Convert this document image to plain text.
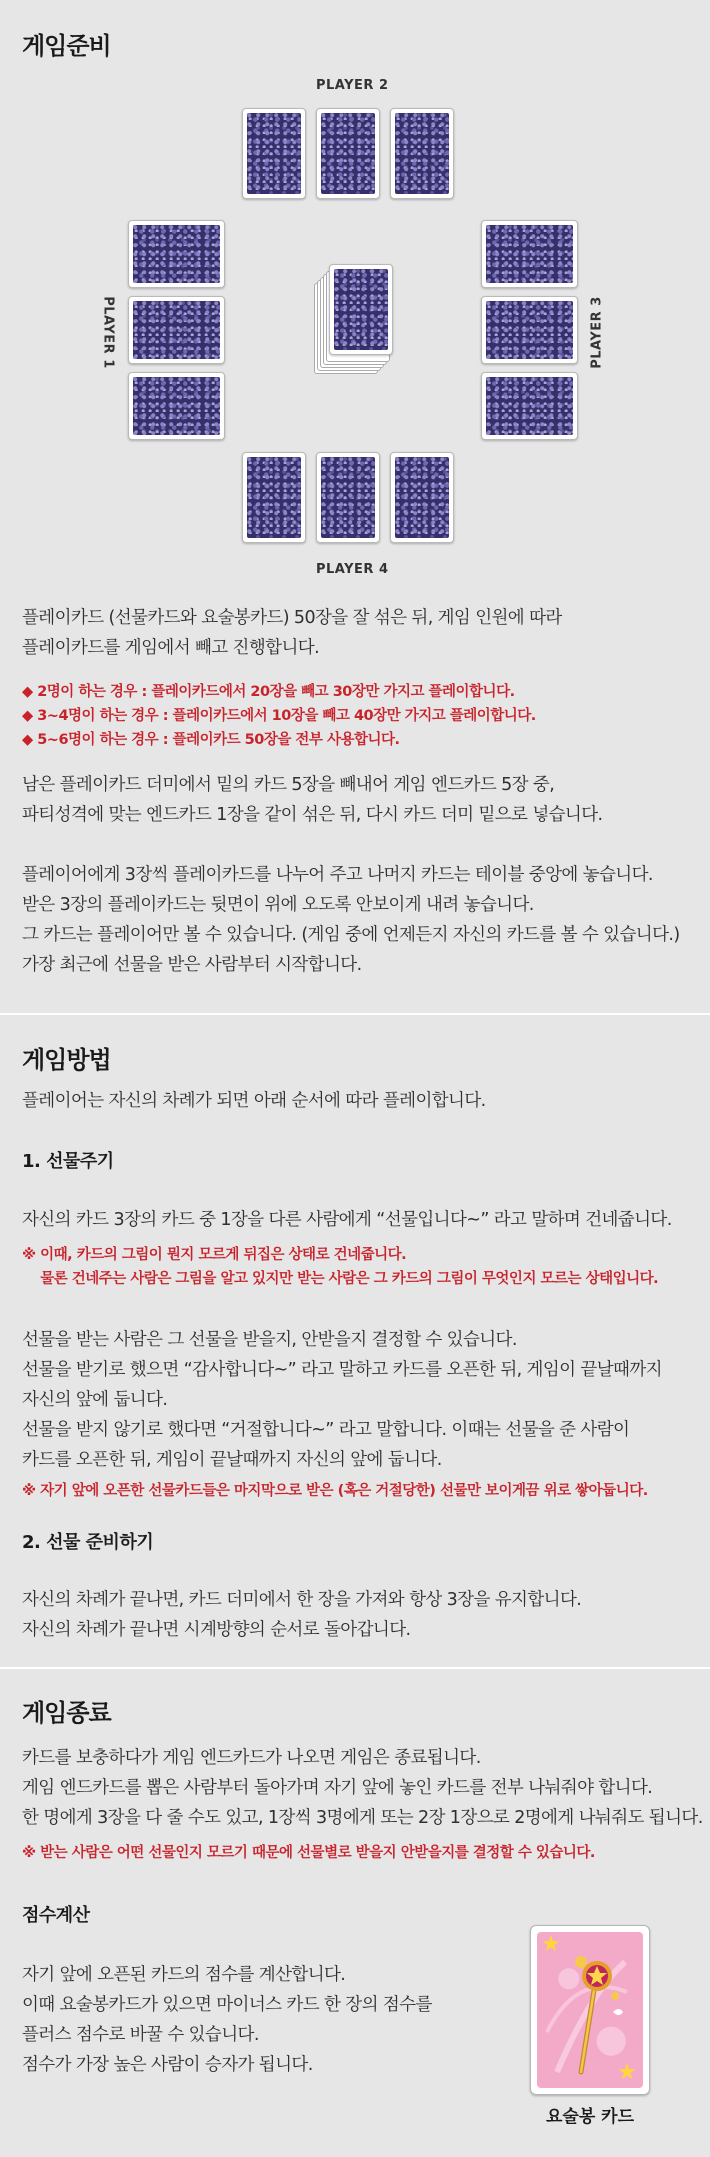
게임준비
PLAYER 2
PLAYER 1	PLAYER 3
PLAYER 4
플레이카드 (선물카드와 요술봉카드) 50장을 잘 섞은 뒤, 게임 인원에 따라
플레이카드를 게임에서 빼고 진행합니다.
◆ 2명이 하는 경우 : 플레이카드에서 20장을 빼고 30장만 가지고 플레이합니다.
◆ 3~4명이 하는 경우 : 플레이카드에서 10장을 빼고 40장만 가지고 플레이합니다.
◆ 5~6명이 하는 경우 : 플레이카드 50장을 전부 사용합니다.
남은 플레이카드 더미에서 밑의 카드 5장을 빼내어 게임 엔드카드 5장 중,
파티성격에 맞는 엔드카드 1장을 같이 섞은 뒤, 다시 카드 더미 밑으로 넣습니다.
플레이어에게 3장씩 플레이카드를 나누어 주고 나머지 카드는 테이블 중앙에 놓습니다.
받은 3장의 플레이카드는 뒷면이 위에 오도록 안보이게 내려 놓습니다.
그 카드는 플레이어만 볼 수 있습니다. (게임 중에 언제든지 자신의 카드를 볼 수 있습니다.)
가장 최근에 선물을 받은 사람부터 시작합니다.
게임방법
플레이어는 자신의 차례가 되면 아래 순서에 따라 플레이합니다.
1. 선물주기
자신의 카드 3장의 카드 중 1장을 다른 사람에게 “선물입니다~” 라고 말하며 건네줍니다.
※ 이때, 카드의 그림이 뭔지 모르게 뒤집은 상태로 건네줍니다.
물론 건네주는 사람은 그림을 알고 있지만 받는 사람은 그 카드의 그림이 무엇인지 모르는 상태입니다.
선물을 받는 사람은 그 선물을 받을지, 안받을지 결정할 수 있습니다.
선물을 받기로 했으면 “감사합니다~” 라고 말하고 카드를 오픈한 뒤, 게임이 끝날때까지
자신의 앞에 둡니다.
선물을 받지 않기로 했다면 “거절합니다~” 라고 말합니다. 이때는 선물을 준 사람이
카드를 오픈한 뒤, 게임이 끝날때까지 자신의 앞에 둡니다.
※ 자기 앞에 오픈한 선물카드들은 마지막으로 받은 (혹은 거절당한) 선물만 보이게끔 위로 쌓아둡니다.
2. 선물 준비하기
자신의 차례가 끝나면, 카드 더미에서 한 장을 가져와 항상 3장을 유지합니다.
자신의 차례가 끝나면 시계방향의 순서로 돌아갑니다.
게임종료
카드를 보충하다가 게임 엔드카드가 나오면 게임은 종료됩니다.
게임 엔드카드를 뽑은 사람부터 돌아가며 자기 앞에 놓인 카드를 전부 나눠줘야 합니다.
한 명에게 3장을 다 줄 수도 있고, 1장씩 3명에게 또는 2장 1장으로 2명에게 나눠줘도 됩니다.
※ 받는 사람은 어떤 선물인지 모르기 때문에 선물별로 받을지 안받을지를 결정할 수 있습니다.
점수계산
자기 앞에 오픈된 카드의 점수를 계산합니다.
이때 요술봉카드가 있으면 마이너스 카드 한 장의 점수를
플러스 점수로 바꿀 수 있습니다.
점수가 가장 높은 사람이 승자가 됩니다.
★
★
요술봉 카드
